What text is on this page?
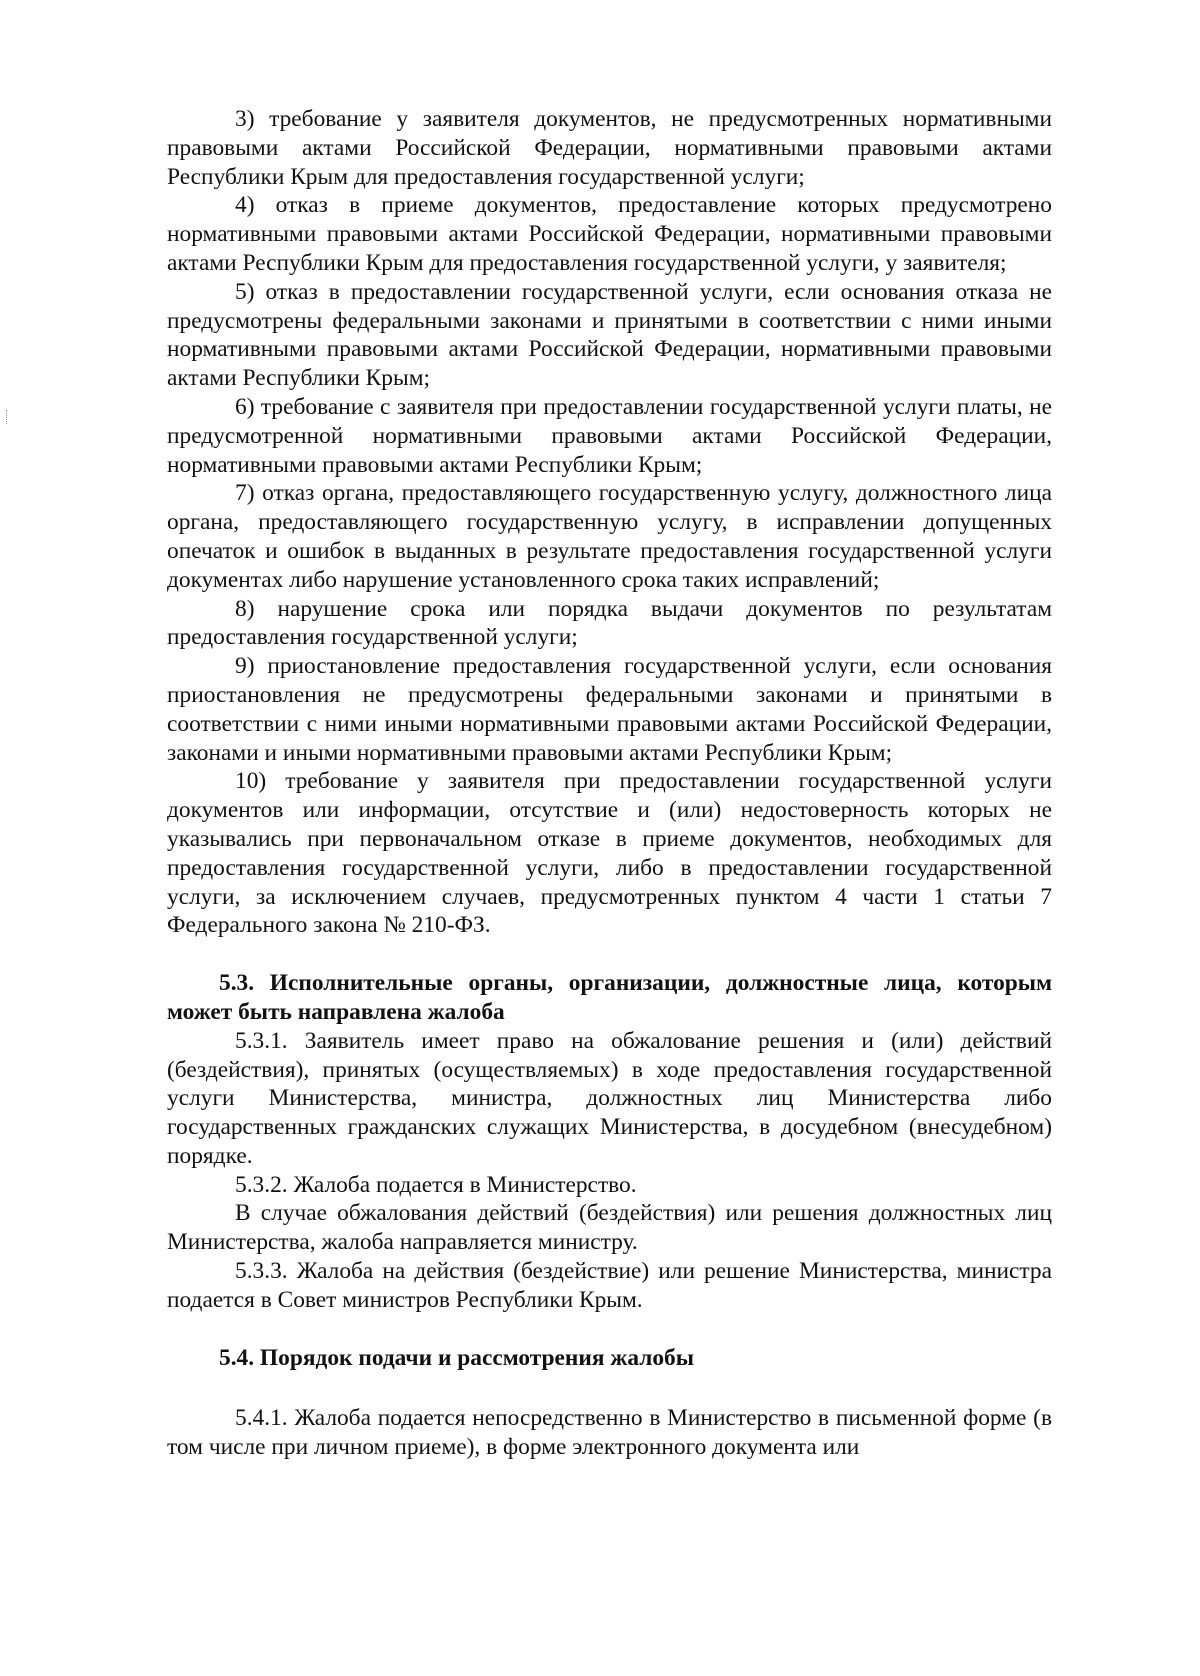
3) требование у заявителя документов, не предусмотренных нормативными правовыми актами Российской Федерации, нормативными правовыми актами Республики Крым для предоставления государственной услуги;

4) отказ в приеме документов, предоставление которых предусмотрено нормативными правовыми актами Российской Федерации, нормативными правовыми актами Республики Крым для предоставления государственной услуги, у заявителя;

5) отказ в предоставлении государственной услуги, если основания отказа не предусмотрены федеральными законами и принятыми в соответствии с ними иными нормативными правовыми актами Российской Федерации, нормативными правовыми актами Республики Крым;

6) требование с заявителя при предоставлении государственной услуги платы, не предусмотренной нормативными правовыми актами Российской Федерации, нормативными правовыми актами Республики Крым;

7) отказ органа, предоставляющего государственную услугу, должностного лица органа, предоставляющего государственную услугу, в исправлении допущенных опечаток и ошибок в выданных в результате предоставления государственной услуги документах либо нарушение установленного срока таких исправлений;

8) нарушение срока или порядка выдачи документов по результатам предоставления государственной услуги;

9) приостановление предоставления государственной услуги, если основания приостановления не предусмотрены федеральными законами и принятыми в соответствии с ними иными нормативными правовыми актами Российской Федерации, законами и иными нормативными правовыми актами Республики Крым;

10) требование у заявителя при предоставлении государственной услуги документов или информации, отсутствие и (или) недостоверность которых не указывались при первоначальном отказе в приеме документов, необходимых для предоставления государственной услуги, либо в предоставлении государственной услуги, за исключением случаев, предусмотренных пунктом 4 части 1 статьи 7 Федерального закона № 210-ФЗ.

5.3. Исполнительные органы, организации, должностные лица, которым может быть направлена жалоба

5.3.1. Заявитель имеет право на обжалование решения и (или) действий (бездействия), принятых (осуществляемых) в ходе предоставления государственной услуги Министерства, министра, должностных лиц Министерства либо государственных гражданских служащих Министерства, в досудебном (внесудебном) порядке.

5.3.2. Жалоба подается в Министерство.

В случае обжалования действий (бездействия) или решения должностных лиц Министерства, жалоба направляется министру.

5.3.3. Жалоба на действия (бездействие) или решение Министерства, министра подается в Совет министров Республики Крым.

5.4. Порядок подачи и рассмотрения жалобы

5.4.1. Жалоба подается непосредственно в Министерство в письменной форме (в том числе при личном приеме), в форме электронного документа или
